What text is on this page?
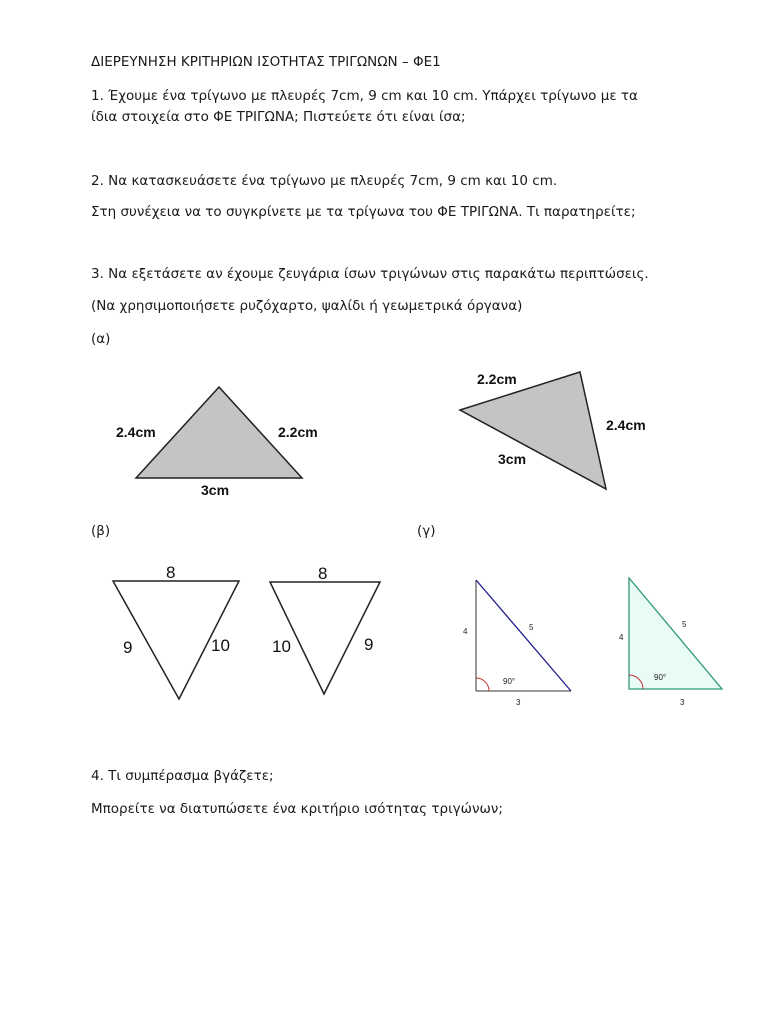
ΔΙΕΡΕΥΝΗΣΗ ΚΡΙΤΗΡΙΩΝ ΙΣΟΤΗΤΑΣ ΤΡΙΓΩΝΩΝ – ΦΕ1
1. Έχουμε ένα τρίγωνο με πλευρές 7cm, 9 cm και 10 cm. Υπάρχει τρίγωνο με τα
ίδια στοιχεία στο ΦΕ ΤΡΙΓΩΝΑ; Πιστεύετε ότι είναι ίσα;
2. Να κατασκευάσετε ένα τρίγωνο με πλευρές 7cm, 9 cm και 10 cm.
Στη συνέχεια να το συγκρίνετε με τα τρίγωνα του ΦΕ ΤΡΙΓΩΝΑ. Τι παρατηρείτε;
3. Να εξετάσετε αν έχουμε ζευγάρια ίσων τριγώνων στις παρακάτω περιπτώσεις.
(Να χρησιμοποιήσετε ρυζόχαρτο, ψαλίδι ή γεωμετρικά όργανα)
(α)
2.4cm	2.2cm
3cm
2.2cm
2.4cm
3cm
(β)	(γ)
8
9	10
8
10	9
4	5
3
90°
4
5
3
90°
4. Τι συμπέρασμα βγάζετε;
Μπορείτε να διατυπώσετε ένα κριτήριο ισότητας τριγώνων;
